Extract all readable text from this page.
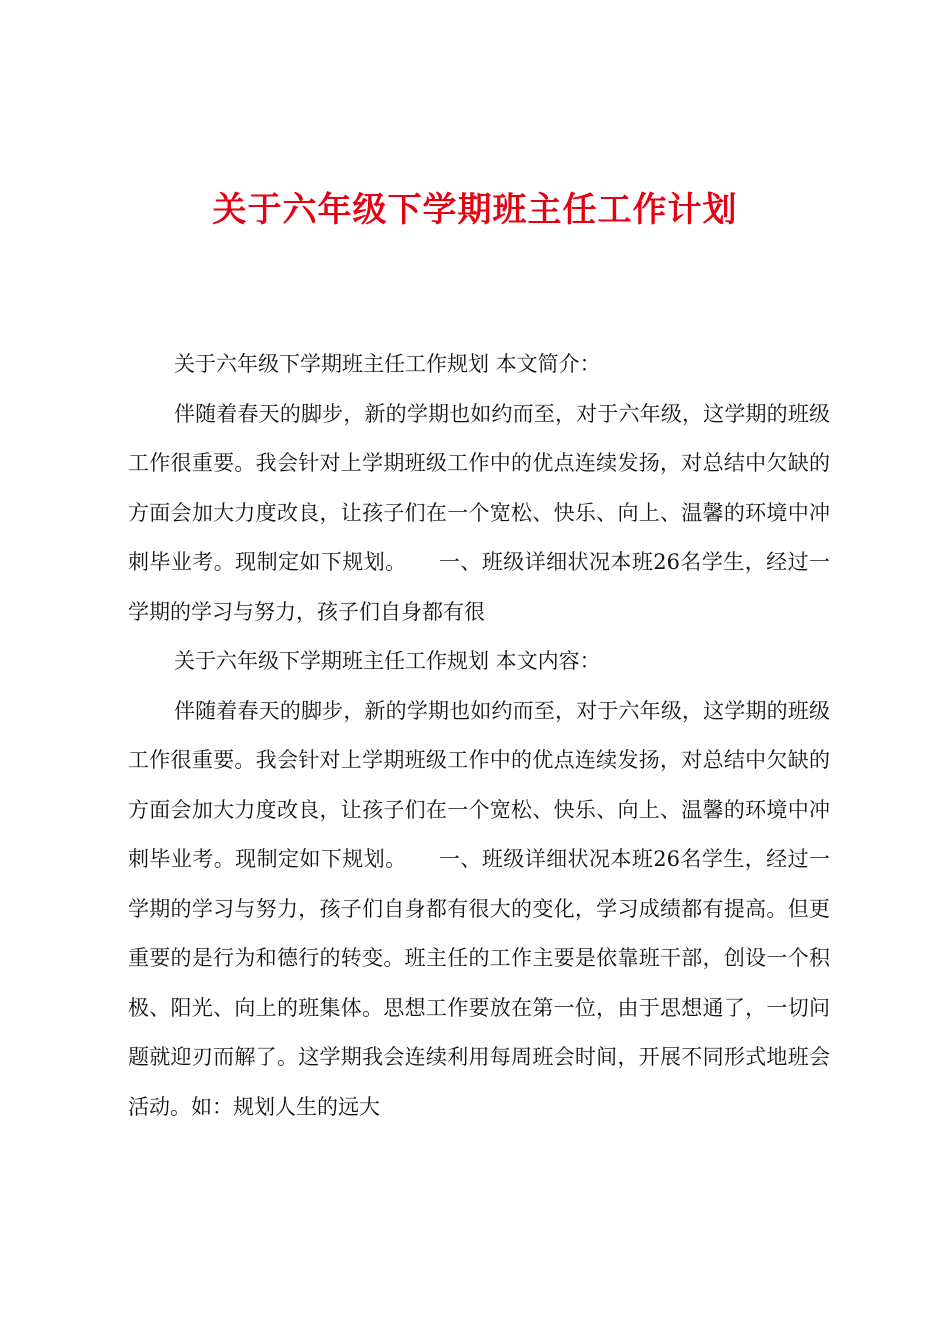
关于六年级下学期班主任工作计划

关于六年级下学期班主任工作规划 本文简介：

伴随着春天的脚步，新的学期也如约而至，对于六年级，这学期的班级工作很重要。我会针对上学期班级工作中的优点连续发扬，对总结中欠缺的方面会加大力度改良，让孩子们在一个宽松、快乐、向上、温馨的环境中冲刺毕业考。现制定如下规划。　　一、班级详细状况本班26名学生，经过一学期的学习与努力，孩子们自身都有很

关于六年级下学期班主任工作规划 本文内容：

伴随着春天的脚步，新的学期也如约而至，对于六年级，这学期的班级工作很重要。我会针对上学期班级工作中的优点连续发扬，对总结中欠缺的方面会加大力度改良，让孩子们在一个宽松、快乐、向上、温馨的环境中冲刺毕业考。现制定如下规划。　　一、班级详细状况本班26名学生，经过一学期的学习与努力，孩子们自身都有很大的变化，学习成绩都有提高。但更重要的是行为和德行的转变。班主任的工作主要是依靠班干部，创设一个积极、阳光、向上的班集体。思想工作要放在第一位，由于思想通了，一切问题就迎刃而解了。这学期我会连续利用每周班会时间，开展不同形式地班会活动。如：规划人生的远大
